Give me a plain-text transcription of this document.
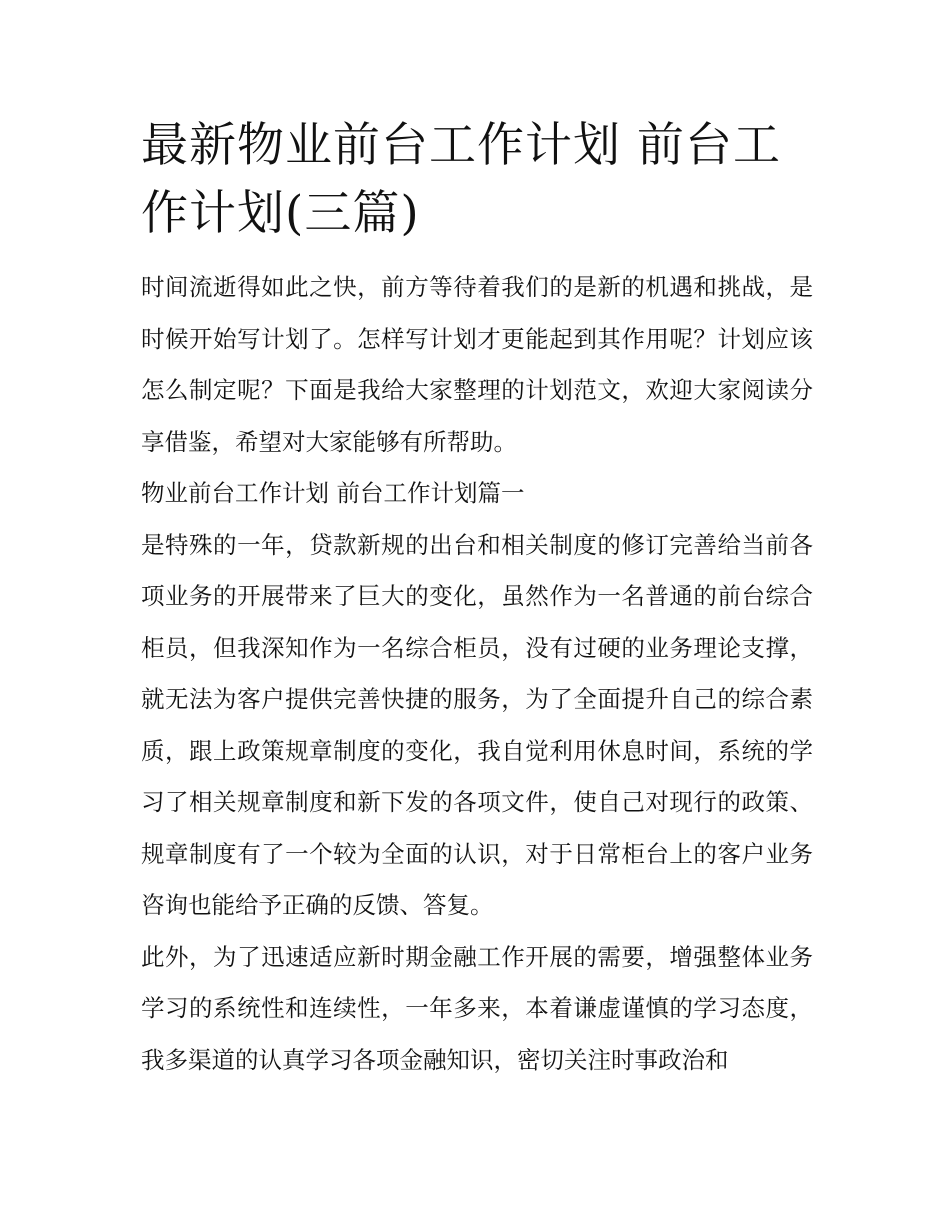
最新物业前台工作计划 前台工作计划(三篇)

时间流逝得如此之快，前方等待着我们的是新的机遇和挑战，是时候开始写计划了。怎样写计划才更能起到其作用呢？计划应该怎么制定呢？下面是我给大家整理的计划范文，欢迎大家阅读分享借鉴，希望对大家能够有所帮助。

物业前台工作计划 前台工作计划篇一

是特殊的一年，贷款新规的出台和相关制度的修订完善给当前各项业务的开展带来了巨大的变化，虽然作为一名普通的前台综合柜员，但我深知作为一名综合柜员，没有过硬的业务理论支撑，就无法为客户提供完善快捷的服务，为了全面提升自己的综合素质，跟上政策规章制度的变化，我自觉利用休息时间，系统的学习了相关规章制度和新下发的各项文件，使自己对现行的政策、规章制度有了一个较为全面的认识，对于日常柜台上的客户业务咨询也能给予正确的反馈、答复。

此外，为了迅速适应新时期金融工作开展的需要，增强整体业务学习的系统性和连续性，一年多来，本着谦虚谨慎的学习态度，我多渠道的认真学习各项金融知识，密切关注时事政治和
